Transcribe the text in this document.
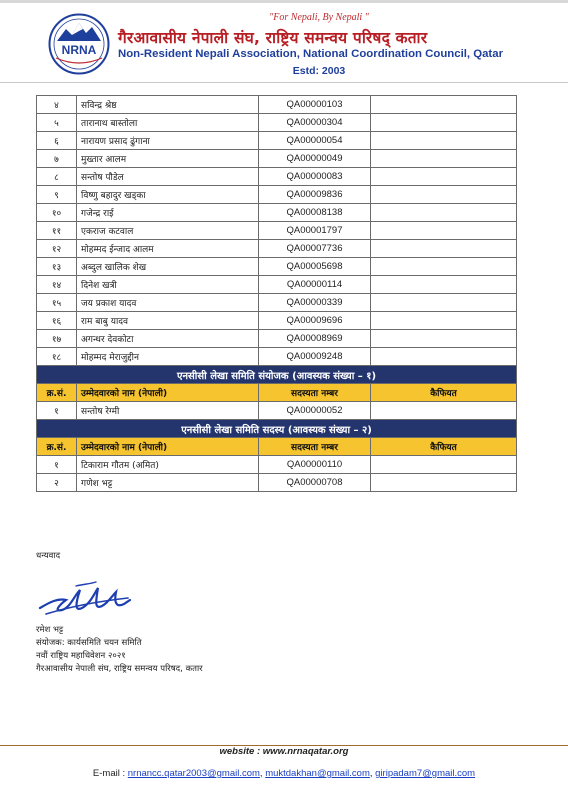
NRNA
"For Nepali, By Nepali "
गैरआवासीय नेपाली संघ, राष्ट्रिय समन्वय परिषद् कतार
Non-Resident Nepali Association, National Coordination Council, Qatar
Estd: 2003
४	सविन्द्र श्रेष्ठ	QA00000103	
५	तारानाथ बास्तोला	QA00000304	
६	नारायण प्रसाद ढुंगाना	QA00000054	
७	मुख्तार आलम	QA00000049	
८	सन्तोष पौडेल	QA00000083	
९	विष्णु बहादुर खड्का	QA00009836	
१०	गजेन्द्र राई	QA00008138	
११	एकराज कटवाल	QA00001797	
१२	मोहम्मद ईन्जाद आलम	QA00007736	
१३	अब्दुल खालिक शेख	QA00005698	
१४	दिनेश खत्री	QA00000114	
१५	जय प्रकाश यादव	QA00000339	
१६	राम बाबु यादव	QA00009696	
१७	अगन्धर देवकोटा	QA00008969	
१८	मोहम्मद मेराजुद्दीन	QA00009248	
एनसीसी लेखा समिति संयोजक (आवस्यक संख्या – १)			
क्र.सं.	उम्मेदवारको नाम (नेपाली)	सदस्यता नम्बर	कैफियत
१	सन्तोष रेग्मी	QA00000052	
एनसीसी लेखा समिति सदस्य (आवस्यक संख्या – २)			
क्र.सं.	उम्मेदवारको नाम (नेपाली)	सदस्यता नम्बर	कैफियत
१	टिकाराम गौतम (अमित)	QA00000110	
२	गणेश भट्ट	QA00000708	
धन्यवाद
रमेश भट्ट
संयोजक: कार्यसमिति चयन समिति
नवौं राष्ट्रिय महाधिवेशन २०२१
गैरआवासीय नेपाली संघ, राष्ट्रिय समन्वय परिषद, कतार
website : www.nrnaqatar.org
E-mail : nrnancc.qatar2003@gmail.com, muktdakhan@gmail.com, giripadam7@gmail.com
